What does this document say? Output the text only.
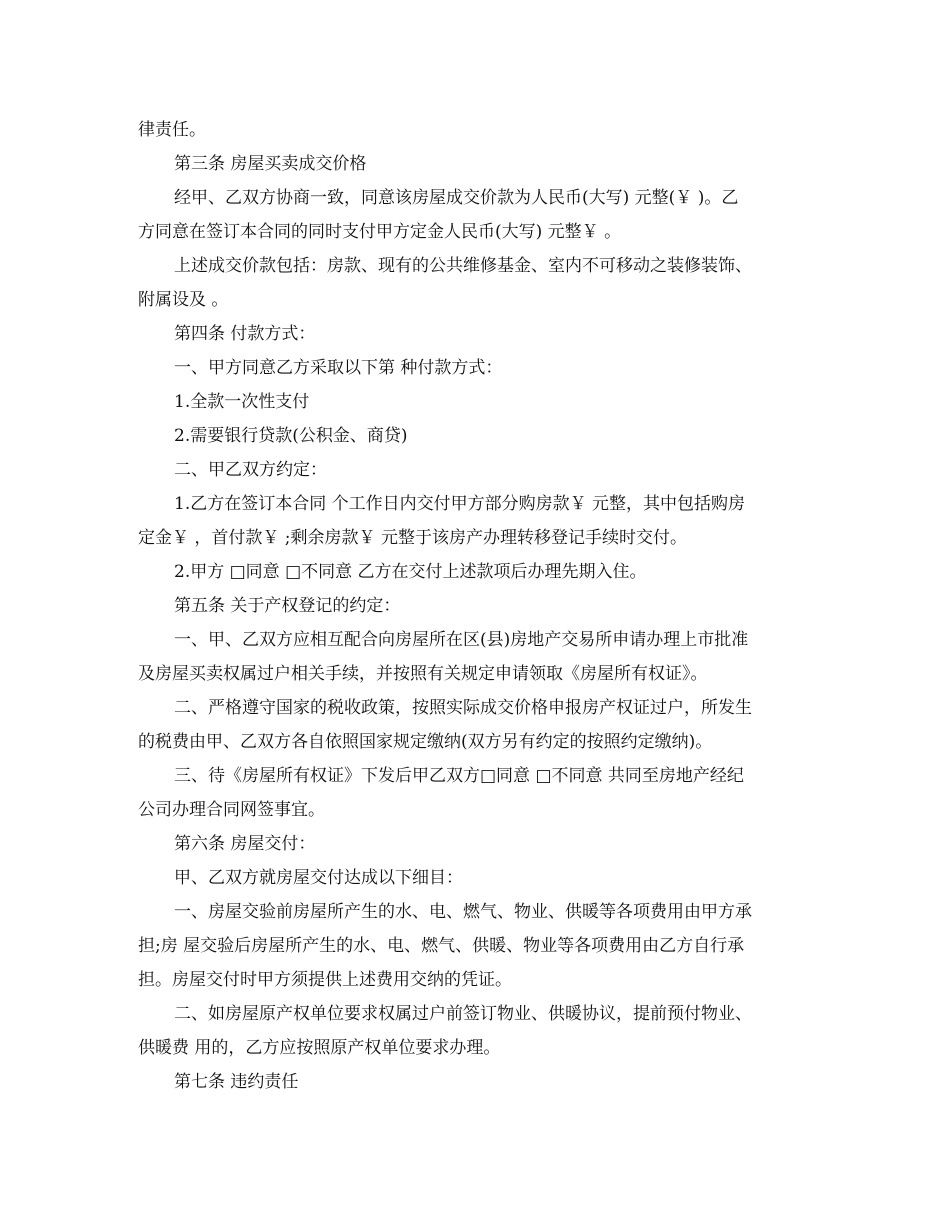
律责任。
第三条 房屋买卖成交价格
经甲、乙双方协商一致，同意该房屋成交价款为人民币(大写) 元整(￥ )。乙
方同意在签订本合同的同时支付甲方定金人民币(大写) 元整￥ 。
上述成交价款包括：房款、现有的公共维修基金、室内不可移动之装修装饰、
附属设及 。
第四条 付款方式：
一、甲方同意乙方采取以下第 种付款方式：
1.全款一次性支付
2.需要银行贷款(公积金、商贷)
二、甲乙双方约定：
1.乙方在签订本合同 个工作日内交付甲方部分购房款￥ 元整，其中包括购房
定金￥ ，首付款￥ ;剩余房款￥ 元整于该房产办理转移登记手续时交付。
2.甲方 □同意 □不同意 乙方在交付上述款项后办理先期入住。
第五条 关于产权登记的约定：
一、甲、乙双方应相互配合向房屋所在区(县)房地产交易所申请办理上市批准
及房屋买卖权属过户相关手续，并按照有关规定申请领取《房屋所有权证》。
二、严格遵守国家的税收政策，按照实际成交价格申报房产权证过户，所发生
的税费由甲、乙双方各自依照国家规定缴纳(双方另有约定的按照约定缴纳)。
三、待《房屋所有权证》下发后甲乙双方□同意 □不同意 共同至房地产经纪
公司办理合同网签事宜。
第六条 房屋交付：
甲、乙双方就房屋交付达成以下细目：
一、房屋交验前房屋所产生的水、电、燃气、物业、供暖等各项费用由甲方承
担;房 屋交验后房屋所产生的水、电、燃气、供暖、物业等各项费用由乙方自行承
担。房屋交付时甲方须提供上述费用交纳的凭证。
二、如房屋原产权单位要求权属过户前签订物业、供暖协议，提前预付物业、
供暖费 用的，乙方应按照原产权单位要求办理。
第七条 违约责任
